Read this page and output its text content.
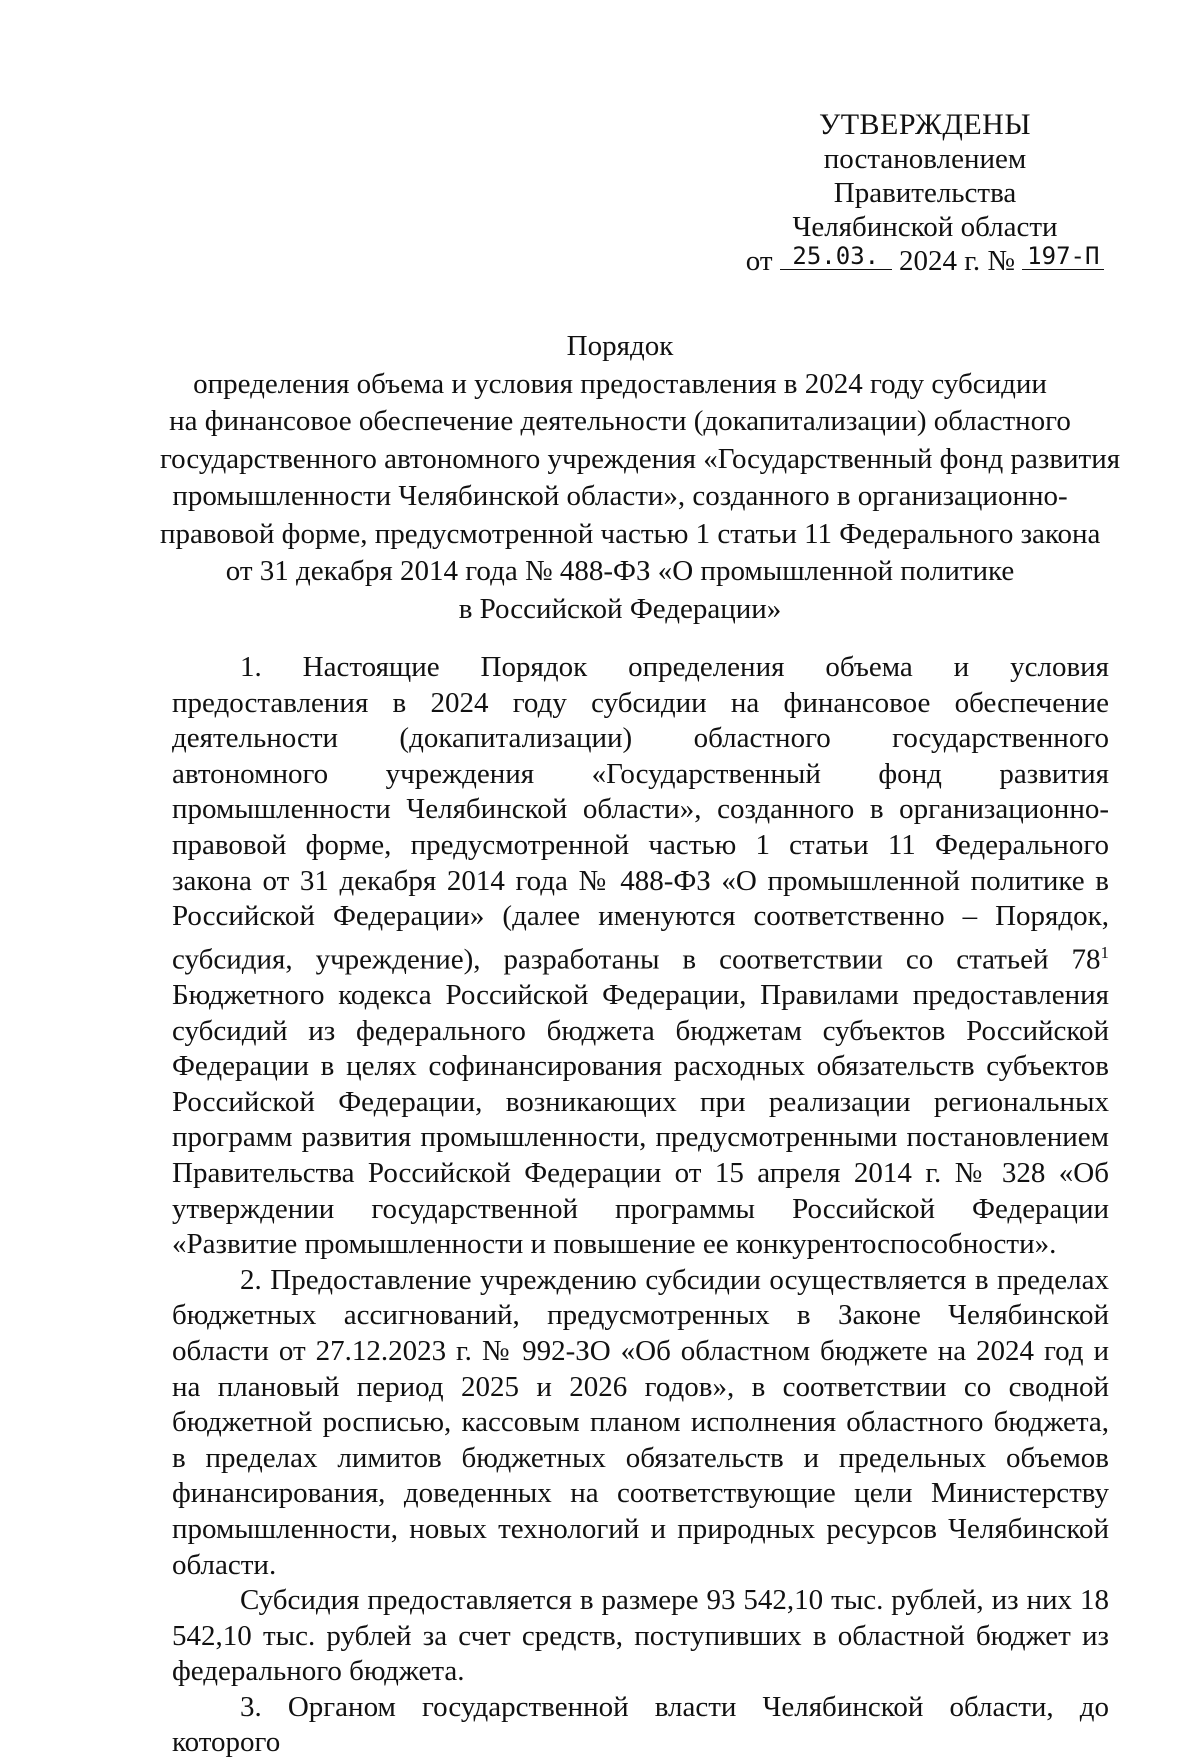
УТВЕРЖДЕНЫ
постановлением Правительства
Челябинской области
от 25.03. 2024 г. № 197-П
Порядок
определения объема и условия предоставления в 2024 году субсидии
на финансовое обеспечение деятельности (докапитализации) областного
государственного автономного учреждения «Государственный фонд развития
промышленности Челябинской области», созданного в организационно-
правовой форме, предусмотренной частью 1 статьи 11 Федерального закона
от 31 декабря 2014 года № 488-ФЗ «О промышленной политике
в Российской Федерации»

1. Настоящие Порядок определения объема и условия предоставления в 2024 году субсидии на финансовое обеспечение деятельности (докапитализации) областного государственного автономного учреждения «Государственный фонд развития промышленности Челябинской области», созданного в организационно-правовой форме, предусмотренной частью 1 статьи 11 Федерального закона от 31 декабря 2014 года № 488-ФЗ «О промышленной политике в Российской Федерации» (далее именуются соответственно – Порядок, субсидия, учреждение), разработаны в соответствии со статьей $78^1$ Бюджетного кодекса Российской Федерации, Правилами предоставления субсидий из федерального бюджета бюджетам субъектов Российской Федерации в целях софинансирования расходных обязательств субъектов Российской Федерации, возникающих при реализации региональных программ развития промышленности, предусмотренными постановлением Правительства Российской Федерации от 15 апреля 2014 г. № 328 «Об утверждении государственной программы Российской Федерации «Развитие промышленности и повышение ее конкурентоспособности».

2. Предоставление учреждению субсидии осуществляется в пределах бюджетных ассигнований, предусмотренных в Законе Челябинской области от 27.12.2023 г. № 992-ЗО «Об областном бюджете на 2024 год и на плановый период 2025 и 2026 годов», в соответствии со сводной бюджетной росписью, кассовым планом исполнения областного бюджета, в пределах лимитов бюджетных обязательств и предельных объемов финансирования, доведенных на соответствующие цели Министерству промышленности, новых технологий и природных ресурсов Челябинской области.

Субсидия предоставляется в размере 93 542,10 тыс. рублей, из них 18 542,10 тыс. рублей за счет средств, поступивших в областной бюджет из федерального бюджета.

3. Органом государственной власти Челябинской области, до которого
